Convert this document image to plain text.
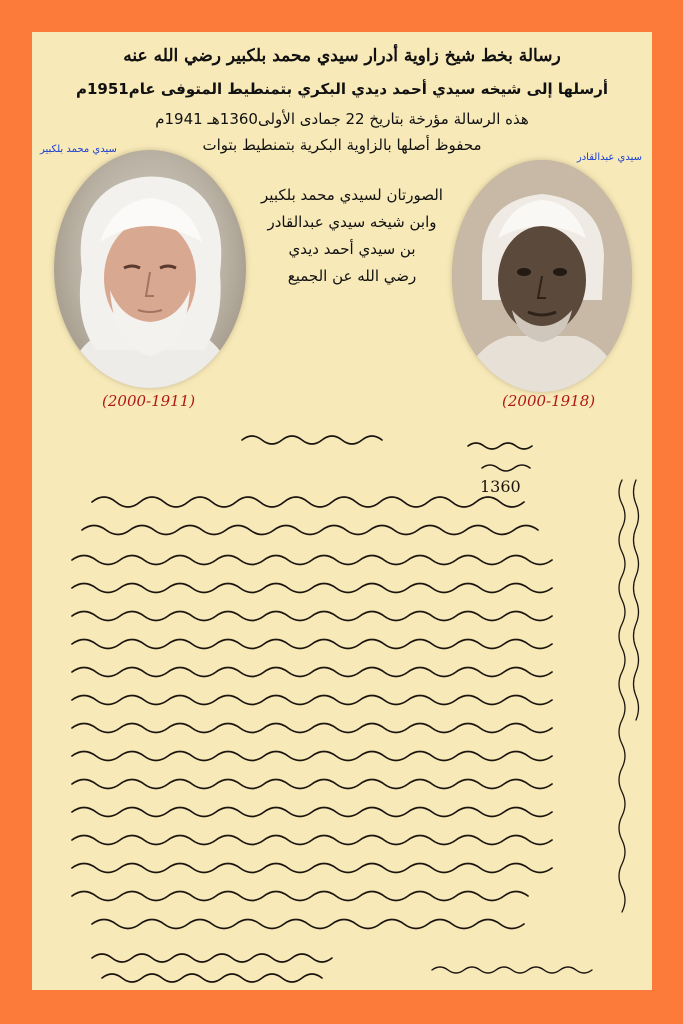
رسالة بخط شيخ زاوية أدرار سيدي محمد بلكبير رضي الله عنه
أرسلها إلى شيخه سيدي أحمد ديدي البكري بتمنطيط المتوفى عام1951م
هذه الرسالة مؤرخة بتاريخ 22 جمادى الأولى1360هـ 1941م
محفوظ أصلها بالزاوية البكرية بتمنطيط بتوات
سيدي محمد بلكبير
سيدي عبدالقادر
الصورتان لسيدي محمد بلكبير
وابن شيخه سيدي عبدالقادر
بن سيدي أحمد ديدي
رضي الله عن الجميع
(2000-1911)	(2000-1918)
1360
